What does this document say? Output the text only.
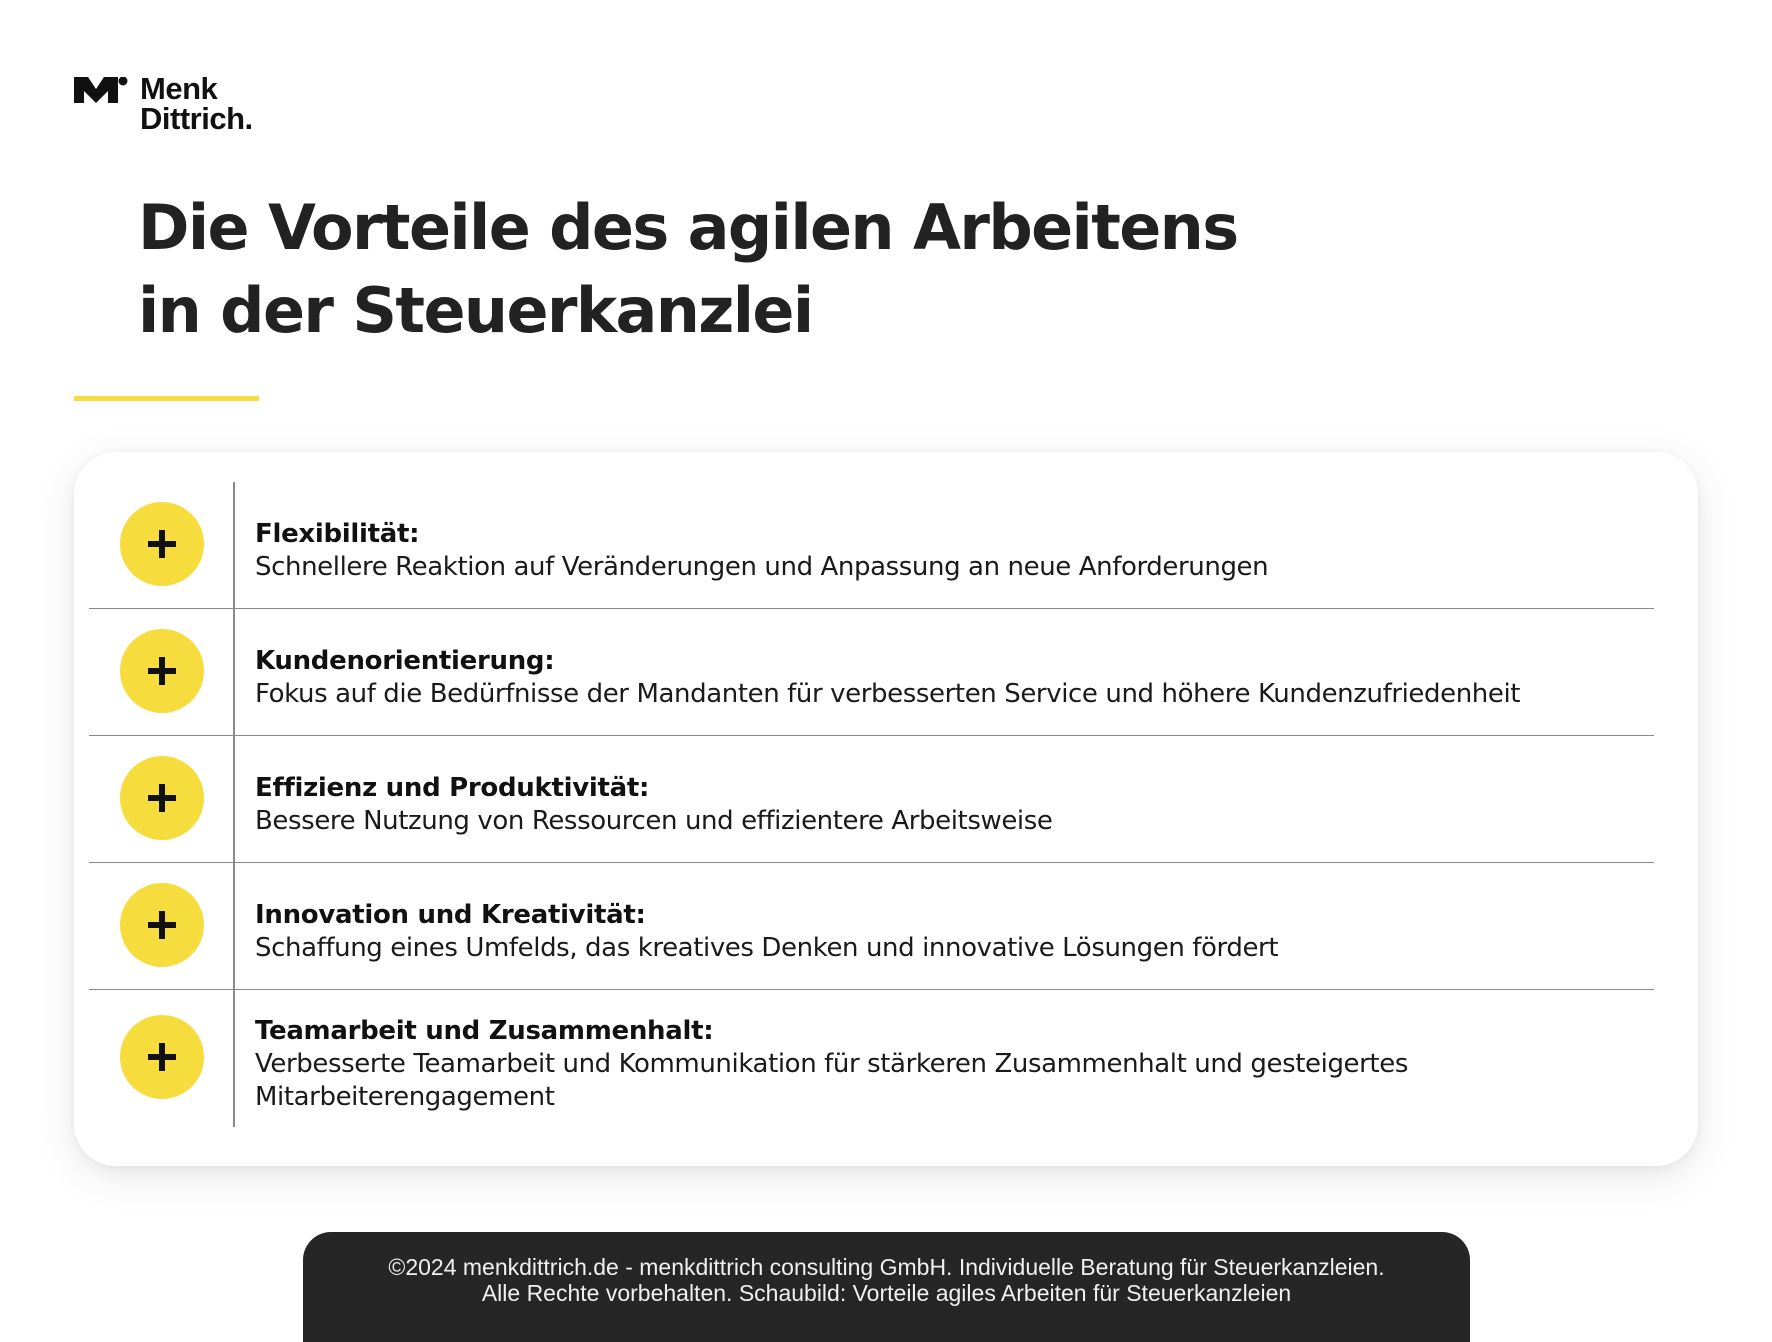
Menk
Dittrich.
Die Vorteile des agilen Arbeitens
in der Steuerkanzlei
Flexibilität:
Schnellere Reaktion auf Veränderungen und Anpassung an neue Anforderungen
Kundenorientierung:
Fokus auf die Bedürfnisse der Mandanten für verbesserten Service und höhere Kundenzufriedenheit
Effizienz und Produktivität:
Bessere Nutzung von Ressourcen und effizientere Arbeitsweise
Innovation und Kreativität:
Schaffung eines Umfelds, das kreatives Denken und innovative Lösungen fördert
Teamarbeit und Zusammenhalt:
Verbesserte Teamarbeit und Kommunikation für stärkeren Zusammenhalt und gesteigertes
Mitarbeiterengagement
©2024 menkdittrich.de - menkdittrich consulting GmbH. Individuelle Beratung für Steuerkanzleien.
Alle Rechte vorbehalten. Schaubild: Vorteile agiles Arbeiten für Steuerkanzleien
